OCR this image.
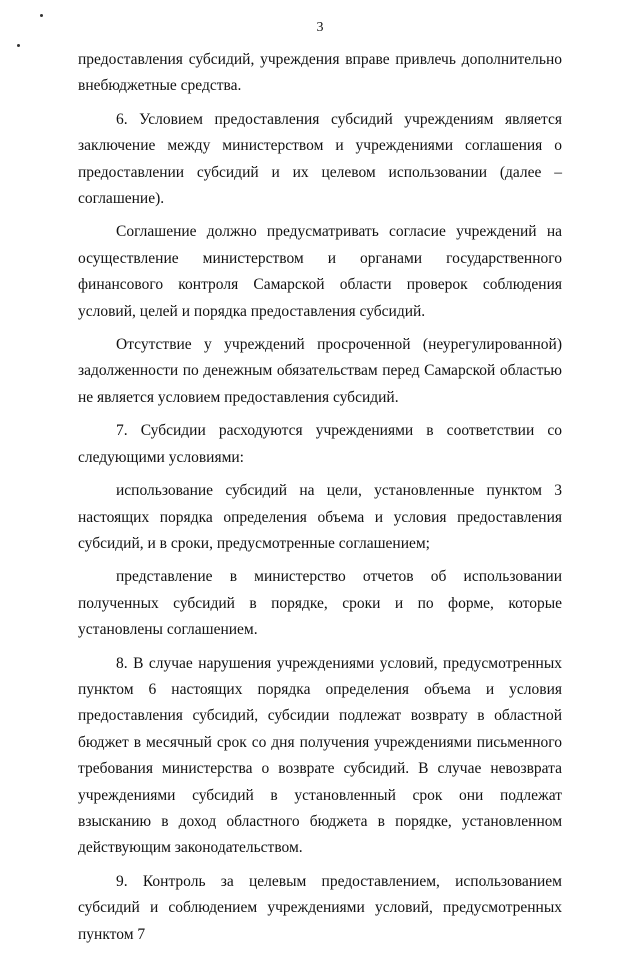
3

предоставления субсидий, учреждения вправе привлечь дополнительно внебюджетные средства.

6. Условием предоставления субсидий учреждениям является заключение между министерством и учреждениями соглашения о предоставлении субсидий и их целевом использовании (далее – соглашение).

Соглашение должно предусматривать согласие учреждений на осуществление министерством и органами государственного финансового контроля Самарской области проверок соблюдения условий, целей и порядка предоставления субсидий.

Отсутствие у учреждений просроченной (неурегулированной) задолженности по денежным обязательствам перед Самарской областью не является условием предоставления субсидий.

7. Субсидии расходуются учреждениями в соответствии со следующими условиями:

использование субсидий на цели, установленные пунктом 3 настоящих порядка определения объема и условия предоставления субсидий, и в сроки, предусмотренные соглашением;

представление в министерство отчетов об использовании полученных субсидий в порядке, сроки и по форме, которые установлены соглашением.

8. В случае нарушения учреждениями условий, предусмотренных пунктом 6 настоящих порядка определения объема и условия предоставления субсидий, субсидии подлежат возврату в областной бюджет в месячный срок со дня получения учреждениями письменного требования министерства о возврате субсидий. В случае невозврата учреждениями субсидий в установленный срок они подлежат взысканию в доход областного бюджета в порядке, установленном действующим законодательством.

9. Контроль за целевым предоставлением, использованием субсидий и соблюдением учреждениями условий, предусмотренных пунктом 7
